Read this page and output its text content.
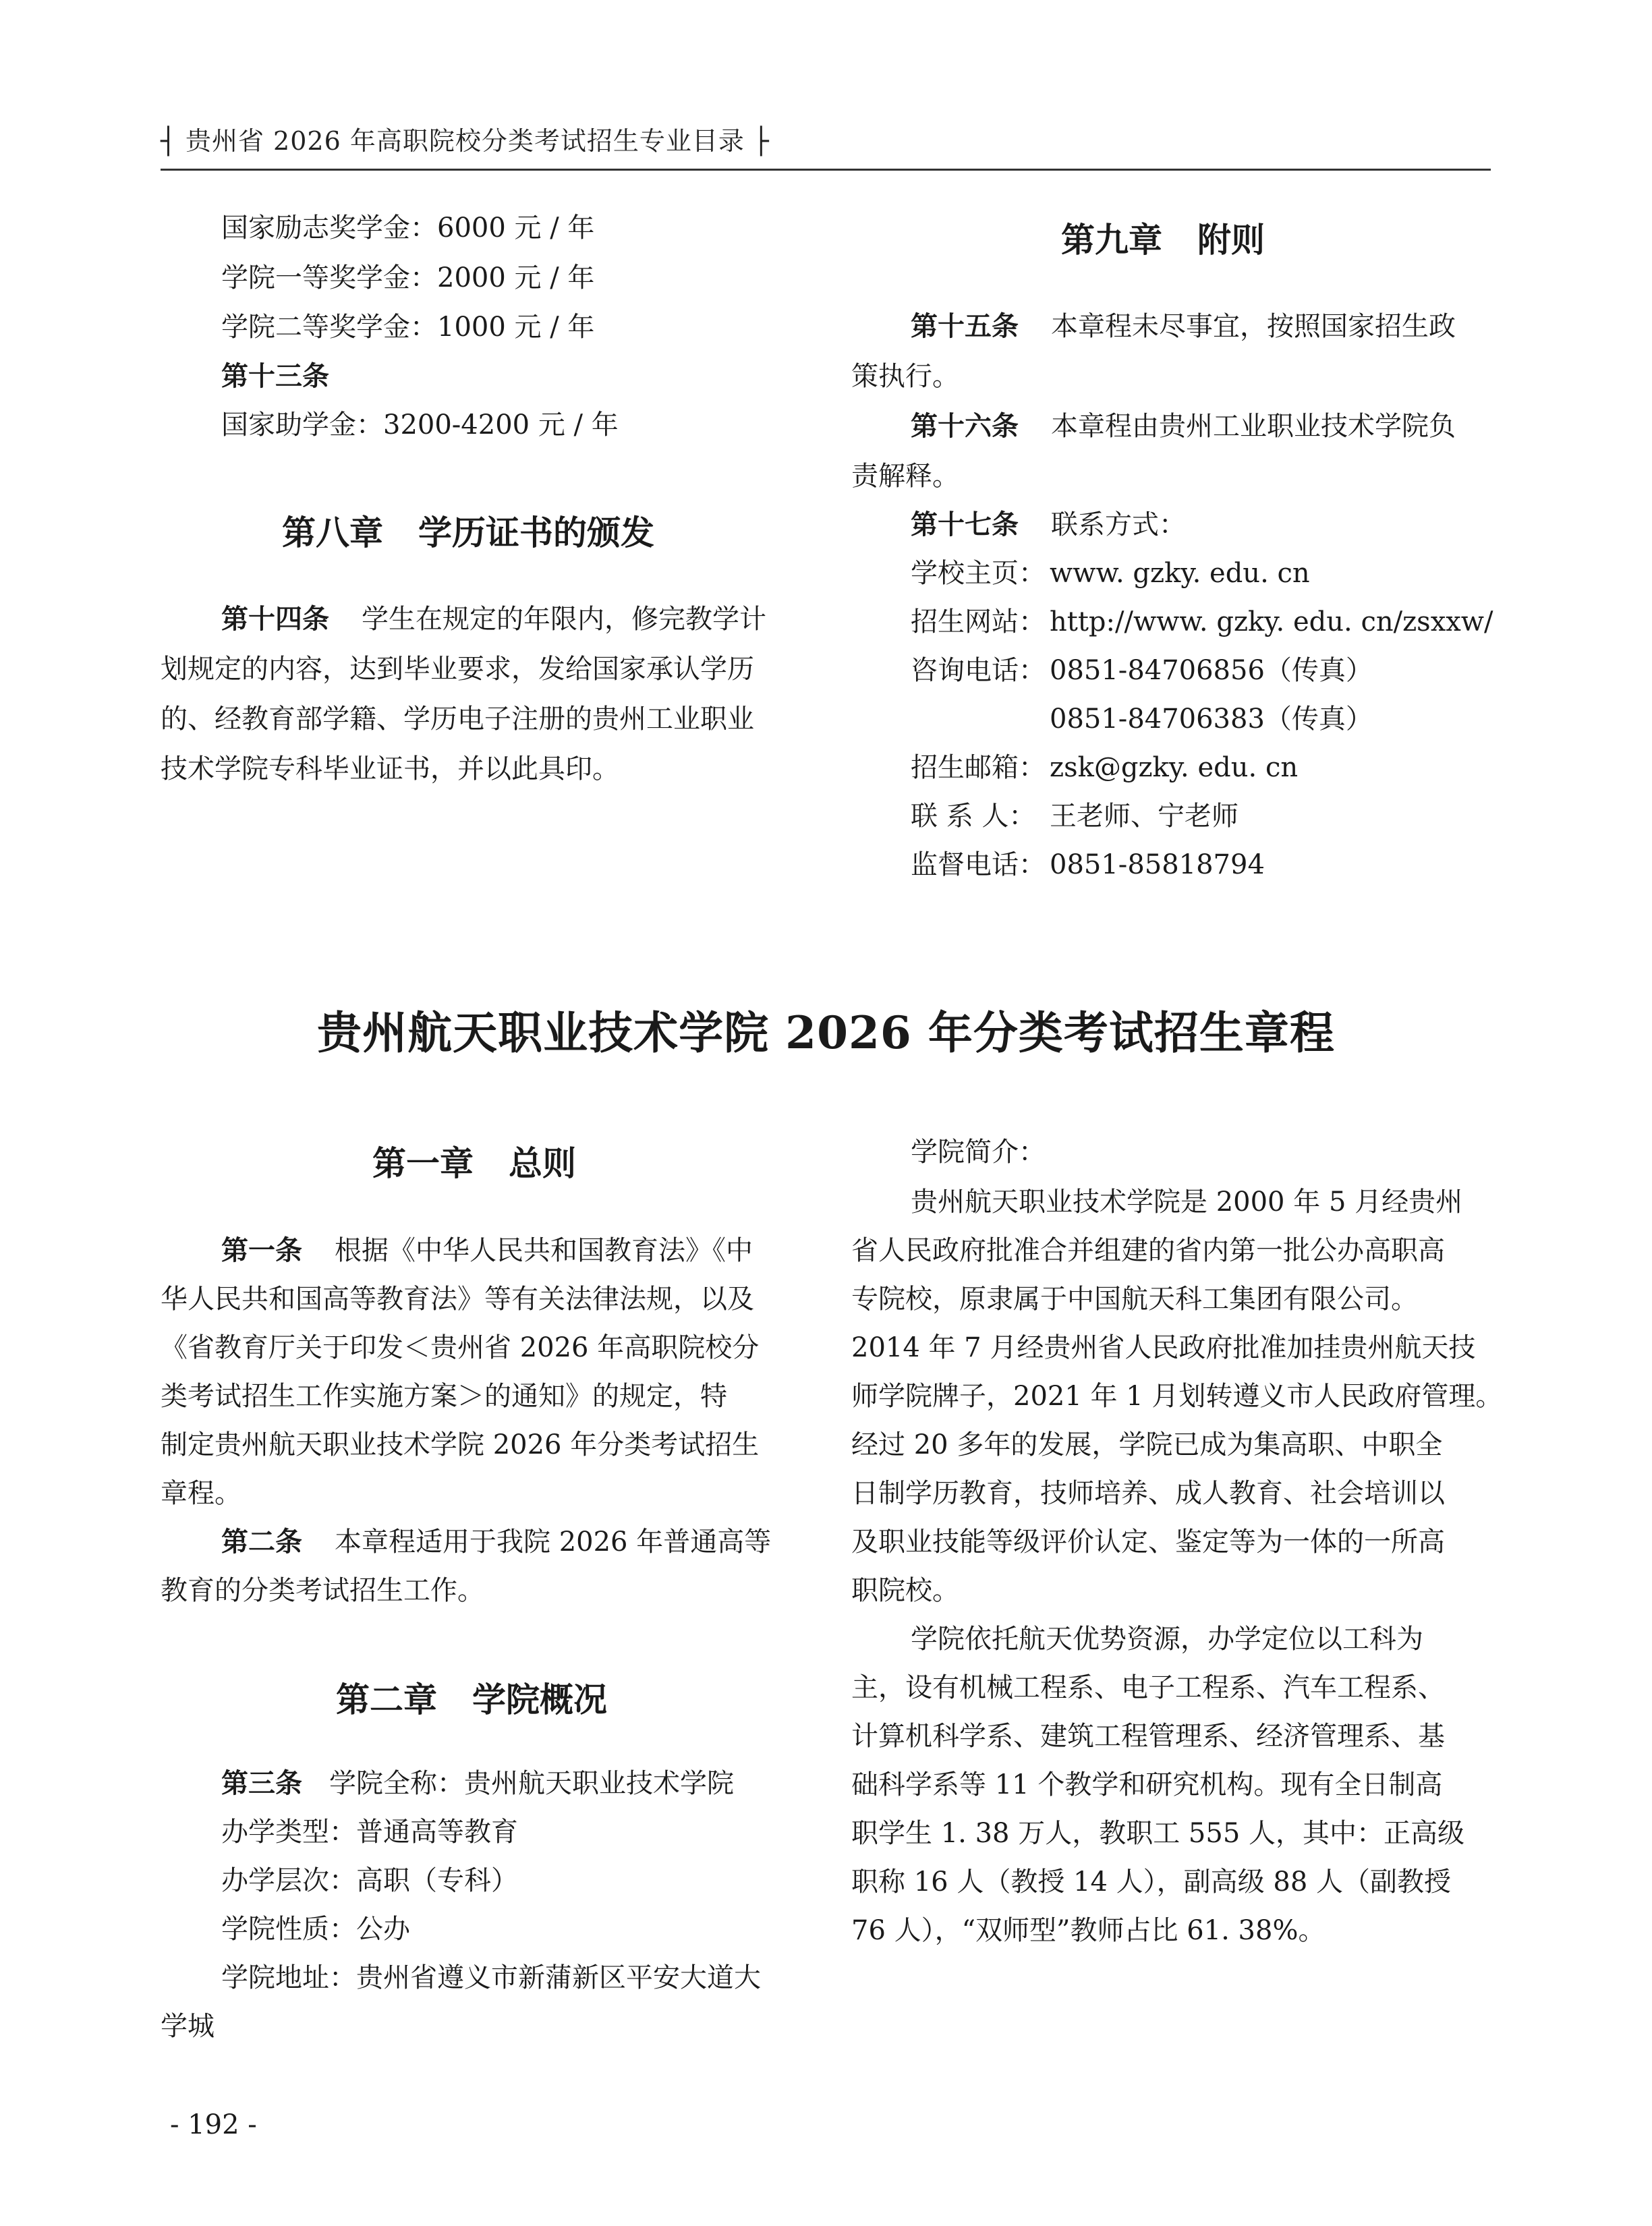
┤ 贵州省 2026 年高职院校分类考试招生专业目录 ├
国家励志奖学金：6000 元 / 年
学院一等奖学金：2000 元 / 年
学院二等奖学金：1000 元 / 年
第十三条
国家助学金：3200-4200 元 / 年
第八章 学历证书的颁发
第十四条 学生在规定的年限内，修完教学计
划规定的内容，达到毕业要求，发给国家承认学历
的、经教育部学籍、学历电子注册的贵州工业职业
技术学院专科毕业证书，并以此具印。
第九章 附则
第十五条 本章程未尽事宜，按照国家招生政
策执行。
第十六条 本章程由贵州工业职业技术学院负
责解释。
第十七条 联系方式：
学校主页： www. gzky. edu. cn
招生网站： http://www. gzky. edu. cn/zsxxw/
咨询电话： 0851-84706856（传真）
0851-84706383（传真）
招生邮箱： zsk@gzky. edu. cn
联 系 人： 王老师、宁老师
监督电话： 0851-85818794
贵州航天职业技术学院 2026 年分类考试招生章程
第一章 总则
第一条 根据《中华人民共和国教育法》《中
华人民共和国高等教育法》等有关法律法规，以及
《省教育厅关于印发＜贵州省 2026 年高职院校分
类考试招生工作实施方案＞的通知》的规定，特
制定贵州航天职业技术学院 2026 年分类考试招生
章程。
第二条 本章程适用于我院 2026 年普通高等
教育的分类考试招生工作。
第二章 学院概况
第三条 学院全称：贵州航天职业技术学院
办学类型：普通高等教育
办学层次：高职（专科）
学院性质：公办
学院地址：贵州省遵义市新蒲新区平安大道大
学城
学院简介：
贵州航天职业技术学院是 2000 年 5 月经贵州
省人民政府批准合并组建的省内第一批公办高职高
专院校，原隶属于中国航天科工集团有限公司。
2014 年 7 月经贵州省人民政府批准加挂贵州航天技
师学院牌子，2021 年 1 月划转遵义市人民政府管理。
经过 20 多年的发展，学院已成为集高职、中职全
日制学历教育，技师培养、成人教育、社会培训以
及职业技能等级评价认定、鉴定等为一体的一所高
职院校。
学院依托航天优势资源，办学定位以工科为
主，设有机械工程系、电子工程系、汽车工程系、
计算机科学系、建筑工程管理系、经济管理系、基
础科学系等 11 个教学和研究机构。现有全日制高
职学生 1. 38 万人，教职工 555 人，其中：正高级
职称 16 人（教授 14 人），副高级 88 人（副教授
76 人），“双师型”教师占比 61. 38%。
- 192 -
